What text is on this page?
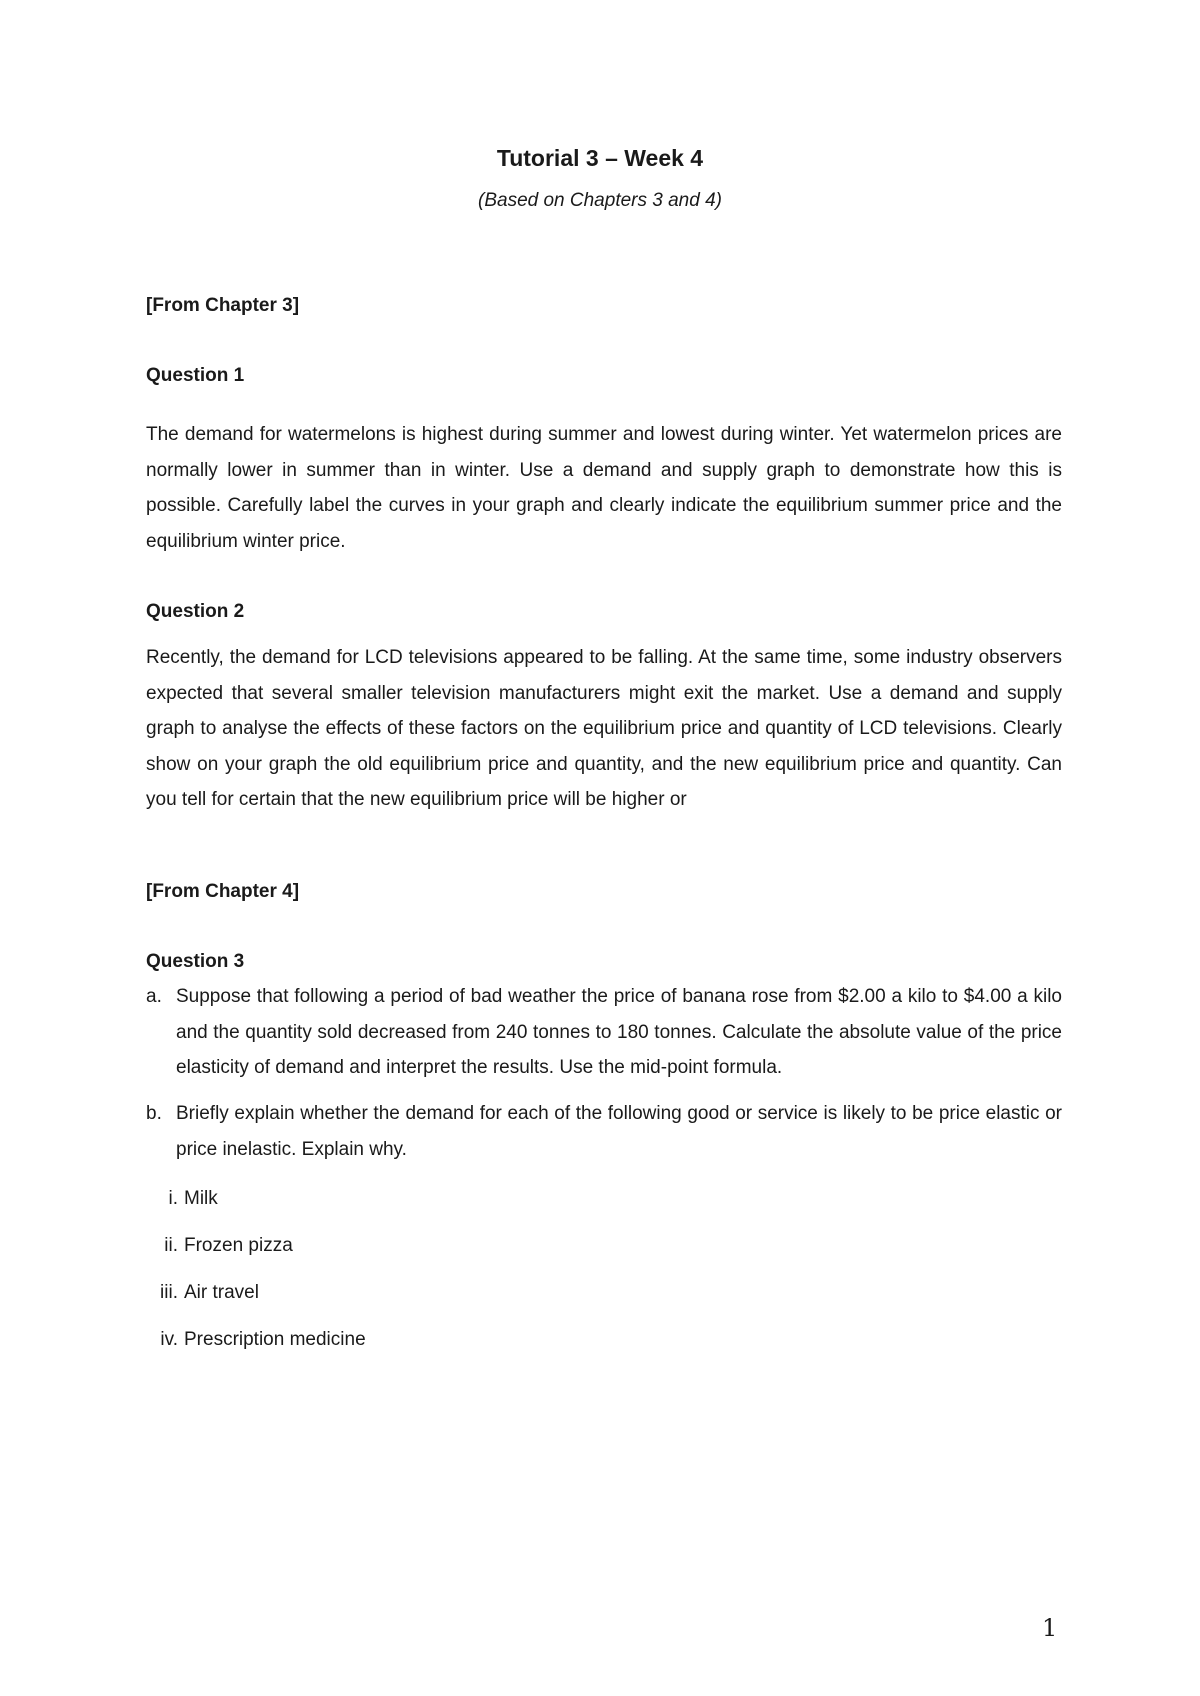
Tutorial 3 – Week 4
(Based on Chapters 3 and 4)
[From Chapter 3]
Question 1

The demand for watermelons is highest during summer and lowest during winter. Yet watermelon prices are normally lower in summer than in winter. Use a demand and supply graph to demonstrate how this is possible. Carefully label the curves in your graph and clearly indicate the equilibrium summer price and the equilibrium winter price.

Question 2

Recently, the demand for LCD televisions appeared to be falling. At the same time, some industry observers expected that several smaller television manufacturers might exit the market. Use a demand and supply graph to analyse the effects of these factors on the equilibrium price and quantity of LCD televisions. Clearly show on your graph the old equilibrium price and quantity, and the new equilibrium price and quantity. Can you tell for certain that the new equilibrium price will be higher or

[From Chapter 4]
Question 3
a. Suppose that following a period of bad weather the price of banana rose from $2.00 a kilo to $4.00 a kilo and the quantity sold decreased from 240 tonnes to 180 tonnes. Calculate the absolute value of the price elasticity of demand and interpret the results. Use the mid-point formula.
b. Briefly explain whether the demand for each of the following good or service is likely to be price elastic or price inelastic. Explain why.
i. Milk
ii. Frozen pizza
iii. Air travel
iv. Prescription medicine
1
